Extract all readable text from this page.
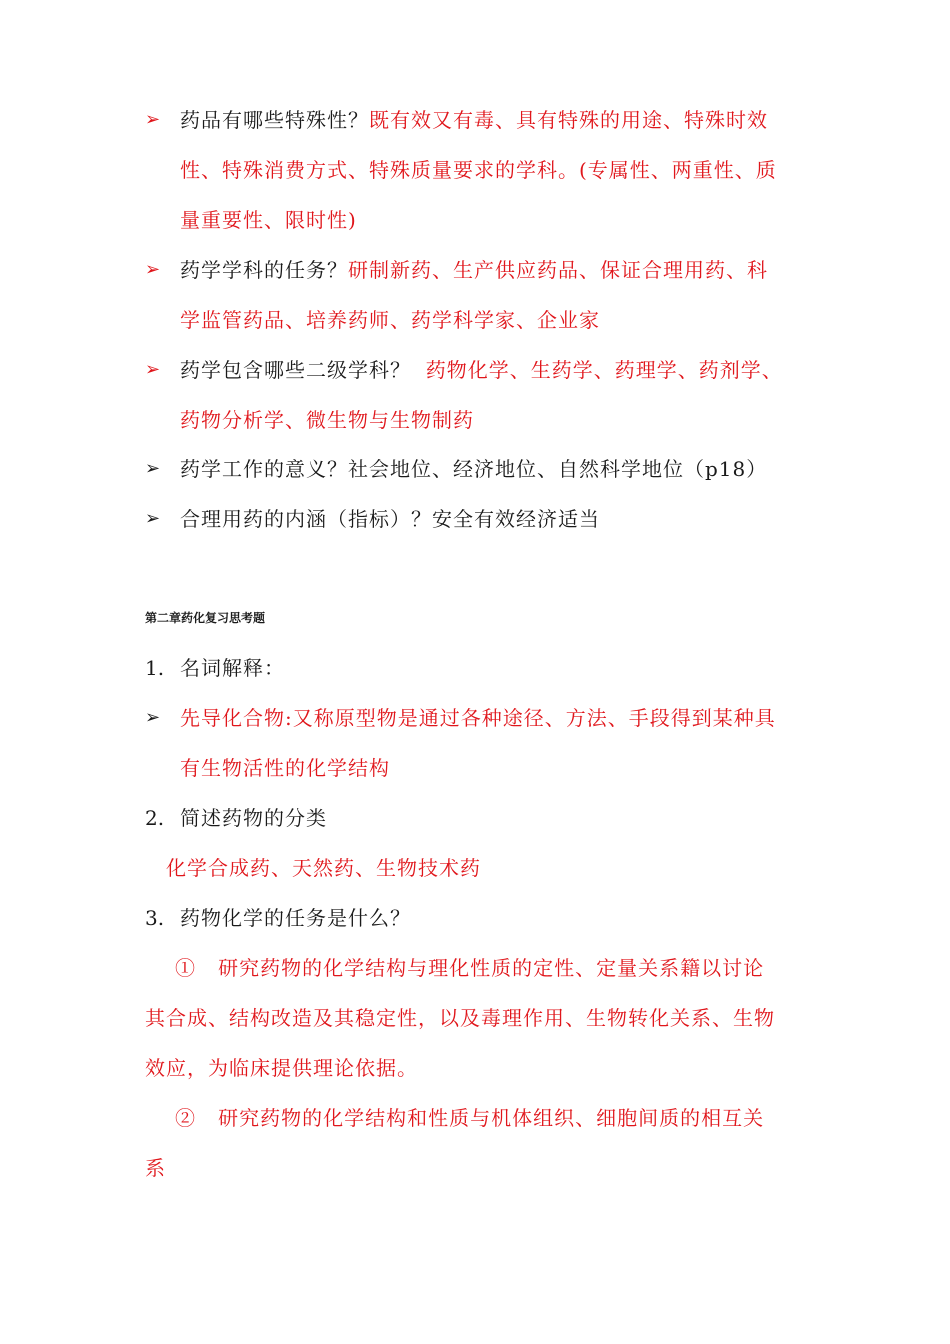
➢ 药品有哪些特殊性？既有效又有毒、具有特殊的用途、特殊时效
性、特殊消费方式、特殊质量要求的学科。(专属性、两重性、质
量重要性、限时性)
➢ 药学学科的任务？研制新药、生产供应药品、保证合理用药、科
学监管药品、培养药师、药学科学家、企业家
➢ 药学包含哪些二级学科？ 药物化学、生药学、药理学、药剂学、
药物分析学、微生物与生物制药
➢ 药学工作的意义？社会地位、经济地位、自然科学地位（p18）
➢ 合理用药的内涵（指标）？安全有效经济适当
第二章药化复习思考题
1. 名词解释：
➢ 先导化合物:又称原型物是通过各种途径、方法、手段得到某种具
有生物活性的化学结构
2. 简述药物的分类
化学合成药、天然药、生物技术药
3. 药物化学的任务是什么？
① 研究药物的化学结构与理化性质的定性、定量关系籍以讨论
其合成、结构改造及其稳定性，以及毒理作用、生物转化关系、生物
效应，为临床提供理论依据。
② 研究药物的化学结构和性质与机体组织、细胞间质的相互关
系
